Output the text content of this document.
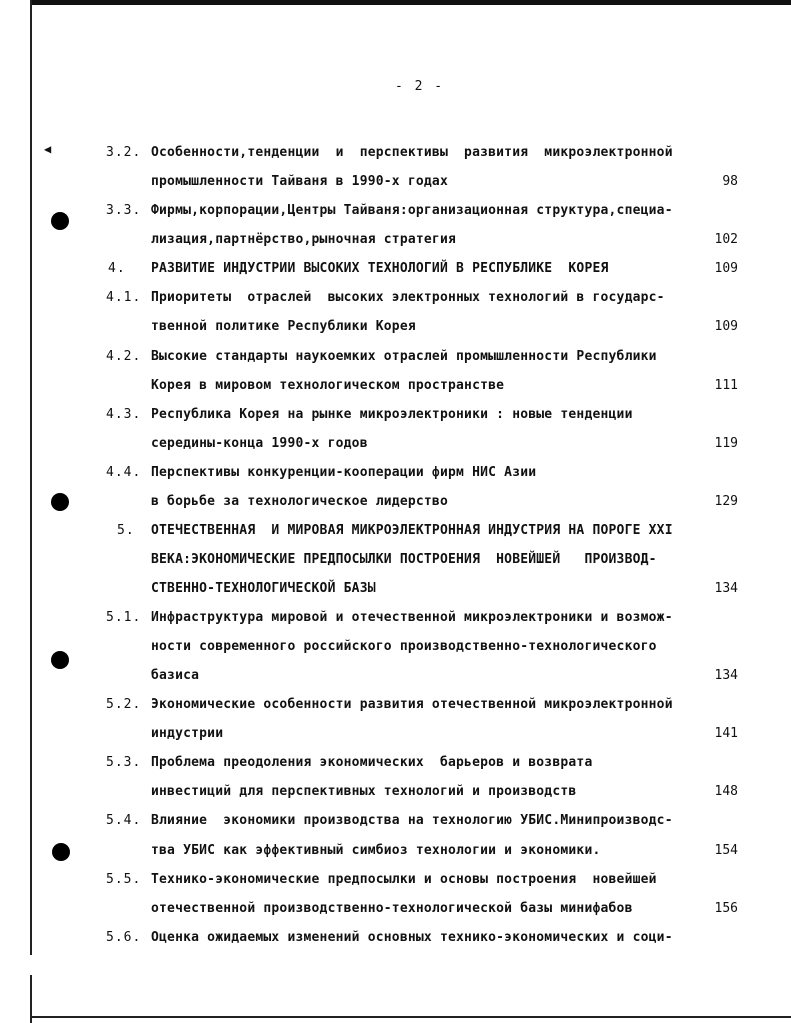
◀
- 2 -
3.2. Особенности,тенденции  и  перспективы  развития  микроэлектронной
промышленности Тайваня в 1990-х годах	98
3.3. Фирмы,корпорации,Центры Тайваня:организационная структура,специа-
лизация,партнёрство,рыночная стратегия	102
4. РАЗВИТИЕ ИНДУСТРИИ ВЫСОКИХ ТЕХНОЛОГИЙ В РЕСПУБЛИКЕ  КОРЕЯ	109
4.1. Приоритеты  отраслей  высоких электронных технологий в государс-
твенной политике Республики Корея	109
4.2. Высокие стандарты наукоемких отраслей промышленности Республики
Корея в мировом технологическом пространстве	111
4.3. Республика Корея на рынке микроэлектроники : новые тенденции
середины-конца 1990-х годов	119
4.4. Перспективы конкуренции-кооперации фирм НИС Азии
в борьбе за технологическое лидерство	129
5. ОТЕЧЕСТВЕННАЯ  И МИРОВАЯ МИКРОЭЛЕКТРОННАЯ ИНДУСТРИЯ НА ПОРОГЕ XXI
ВЕКА:ЭКОНОМИЧЕСКИЕ ПРЕДПОСЫЛКИ ПОСТРОЕНИЯ  НОВЕЙШЕЙ   ПРОИЗВОД-
СТВЕННО-ТЕХНОЛОГИЧЕСКОЙ БАЗЫ	134
5.1. Инфраструктура мировой и отечественной микроэлектроники и возмож-
ности современного российского производственно-технологического
базиса	134
5.2. Экономические особенности развития отечественной микроэлектронной
индустрии	141
5.3. Проблема преодоления экономических  барьеров и возврата
инвестиций для перспективных технологий и производств	148
5.4. Влияние  экономики производства на технологию УБИС.Минипроизводс-
тва УБИС как эффективный симбиоз технологии и экономики.	154
5.5. Технико-экономические предпосылки и основы построения  новейшей
отечественной производственно-технологической базы минифабов	156
5.6. Оценка ожидаемых изменений основных технико-экономических и соци-
